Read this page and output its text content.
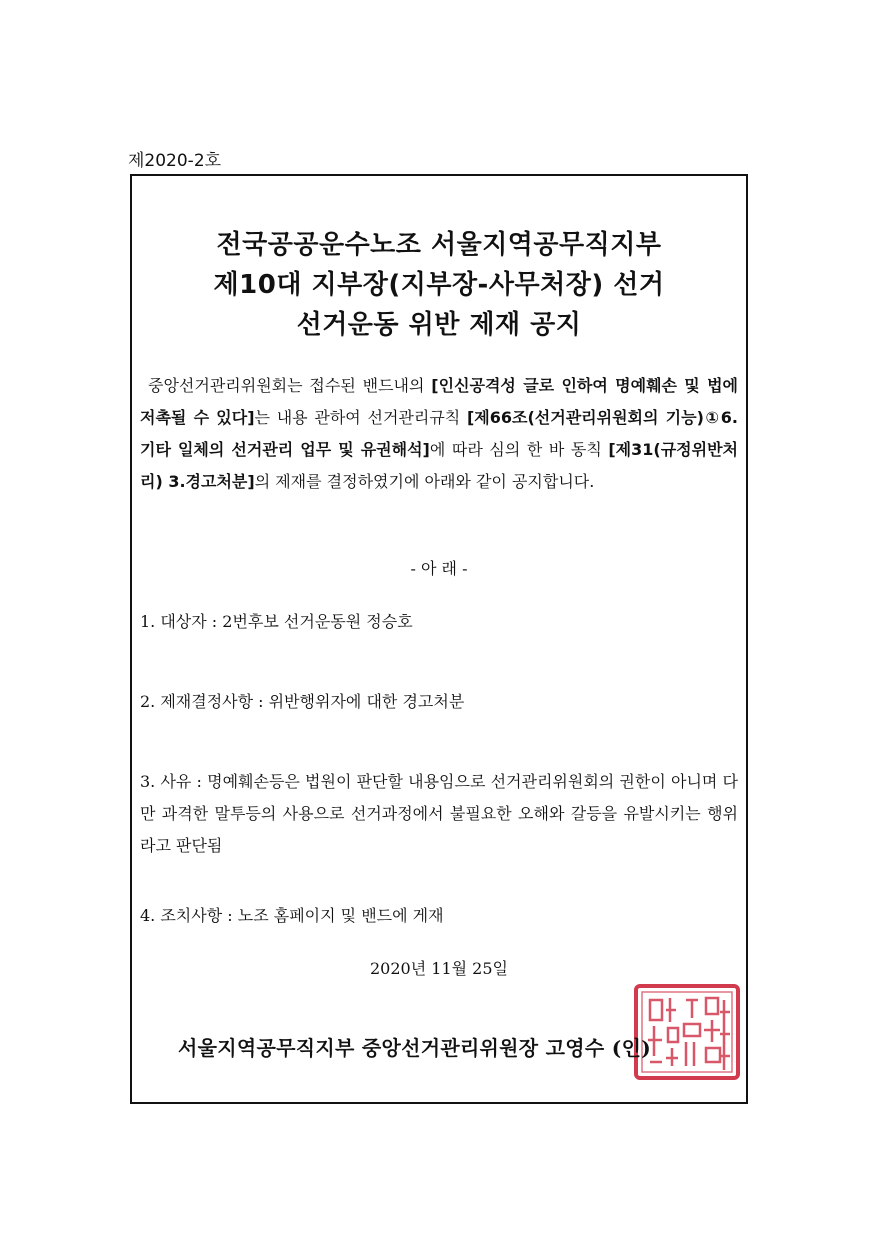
제2020-2호
전국공공운수노조 서울지역공무직지부
제10대 지부장(지부장-사무처장) 선거
선거운동 위반 제재 공지
중앙선거관리위원회는 접수된 밴드내의 [인신공격성 글로 인하여 명예훼손 및 법에 저촉될 수 있다]는 내용 관하여 선거관리규칙 [제66조(선거관리위원회의 기능)①6.기타 일체의 선거관리 업무 및 유권해석]에 따라 심의 한 바 동칙 [제31(규정위반처리) 3.경고처분]의 제재를 결정하였기에 아래와 같이 공지합니다.
- 아 래 -
1. 대상자 : 2번후보 선거운동원 정승호
2. 제재결정사항 : 위반행위자에 대한 경고처분
3. 사유 : 명예훼손등은 법원이 판단할 내용임으로 선거관리위원회의 권한이 아니며 다만 과격한 말투등의 사용으로 선거과정에서 불필요한 오해와 갈등을 유발시키는 행위라고 판단됨
4. 조치사항 : 노조 홈페이지 및 밴드에 게재
2020년 11월 25일
서울지역공무직지부 중앙선거관리위원장 고영수 (인)
